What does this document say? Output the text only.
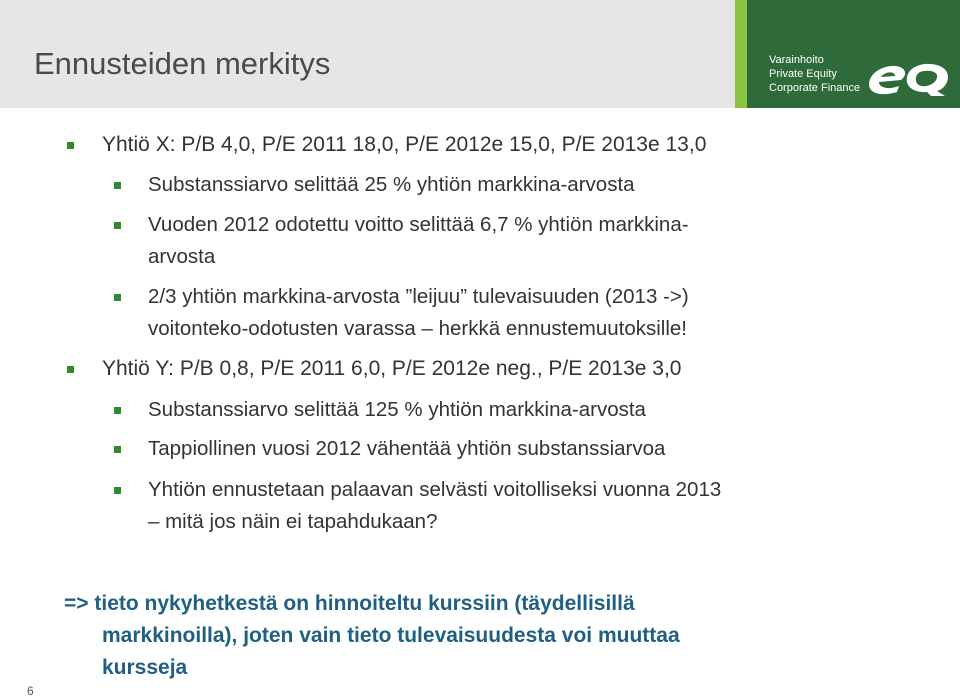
Ennusteiden merkitys	Varainhoito
Private Equity
Corporate Finance
Yhtiö X: P/B 4,0, P/E 2011 18,0, P/E 2012e 15,0, P/E 2013e 13,0
Substanssiarvo selittää 25 % yhtiön markkina-arvosta
Vuoden 2012 odotettu voitto selittää 6,7 % yhtiön markkina-
arvosta
2/3 yhtiön markkina-arvosta ”leijuu” tulevaisuuden (2013 ->)
voitonteko-odotusten varassa – herkkä ennustemuutoksille!
Yhtiö Y: P/B 0,8, P/E 2011 6,0, P/E 2012e neg., P/E 2013e 3,0
Substanssiarvo selittää 125 % yhtiön markkina-arvosta
Tappiollinen vuosi 2012 vähentää yhtiön substanssiarvoa
Yhtiön ennustetaan palaavan selvästi voitolliseksi vuonna 2013
– mitä jos näin ei tapahdukaan?
=> tieto nykyhetkestä on hinnoiteltu kurssiin (täydellisillä
markkinoilla), joten vain tieto tulevaisuudesta voi muuttaa
kursseja
6
